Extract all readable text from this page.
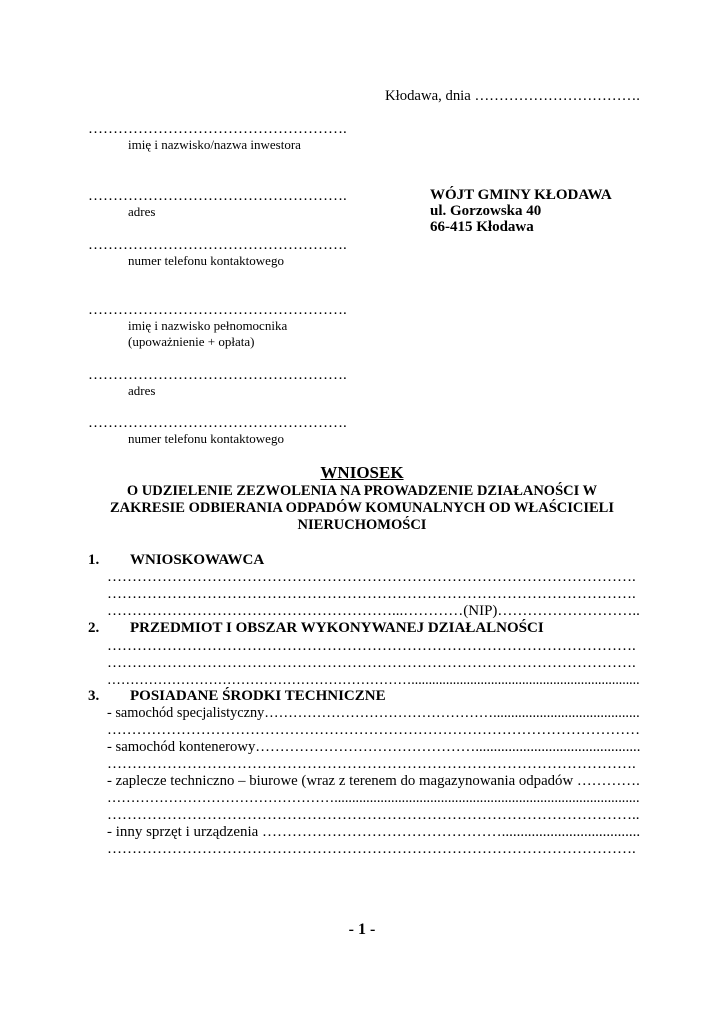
Kłodawa, dnia …………………………….
…………………………………………….
imię i nazwisko/nazwa inwestora
…………………………………………….
adres
…………………………………………….
numer telefonu kontaktowego
…………………………………………….
imię i nazwisko pełnomocnika
(upoważnienie + opłata)
…………………………………………….
adres
…………………………………………….
numer telefonu kontaktowego
WÓJT GMINY KŁODAWA
ul. Gorzowska 40
66-415 Kłodawa
WNIOSEK
O UDZIELENIE ZEZWOLENIA NA PROWADZENIE DZIAŁANOŚCI W
ZAKRESIE ODBIERANIA ODPADÓW KOMUNALNYCH OD WŁAŚCICIELI
NIERUCHOMOŚCI
1. WNIOSKOWAWCA
…………………………………………………………………………………………….
…………………………………………………………………………………………….
…………………………………………………...…………(NIP)………………………..
2. PRZEDMIOT I OBSZAR WYKONYWANEJ DZIAŁALNOŚCI
…………………………………………………………………………………………….
…………………………………………………………………………………………….
…………………………………………………………..................................................................
3. POSIADANE ŚRODKI TECHNICZNE
- samochód specjalistyczny………………………………………….........................................
………………………………………………………………………………………………
- samochód kontenerowy……………………………………….............................................
…………………………………………………………………………………………….
- zaplecze techniczno – biurowe (wraz z terenem do magazynowania odpadów ………….
…………………………………………......................................................................................
……………………………………………………………………………………………..
- inny sprzęt i urządzenia ………………………………………….....................................
…………………………………………………………………………………………….
- 1 -
